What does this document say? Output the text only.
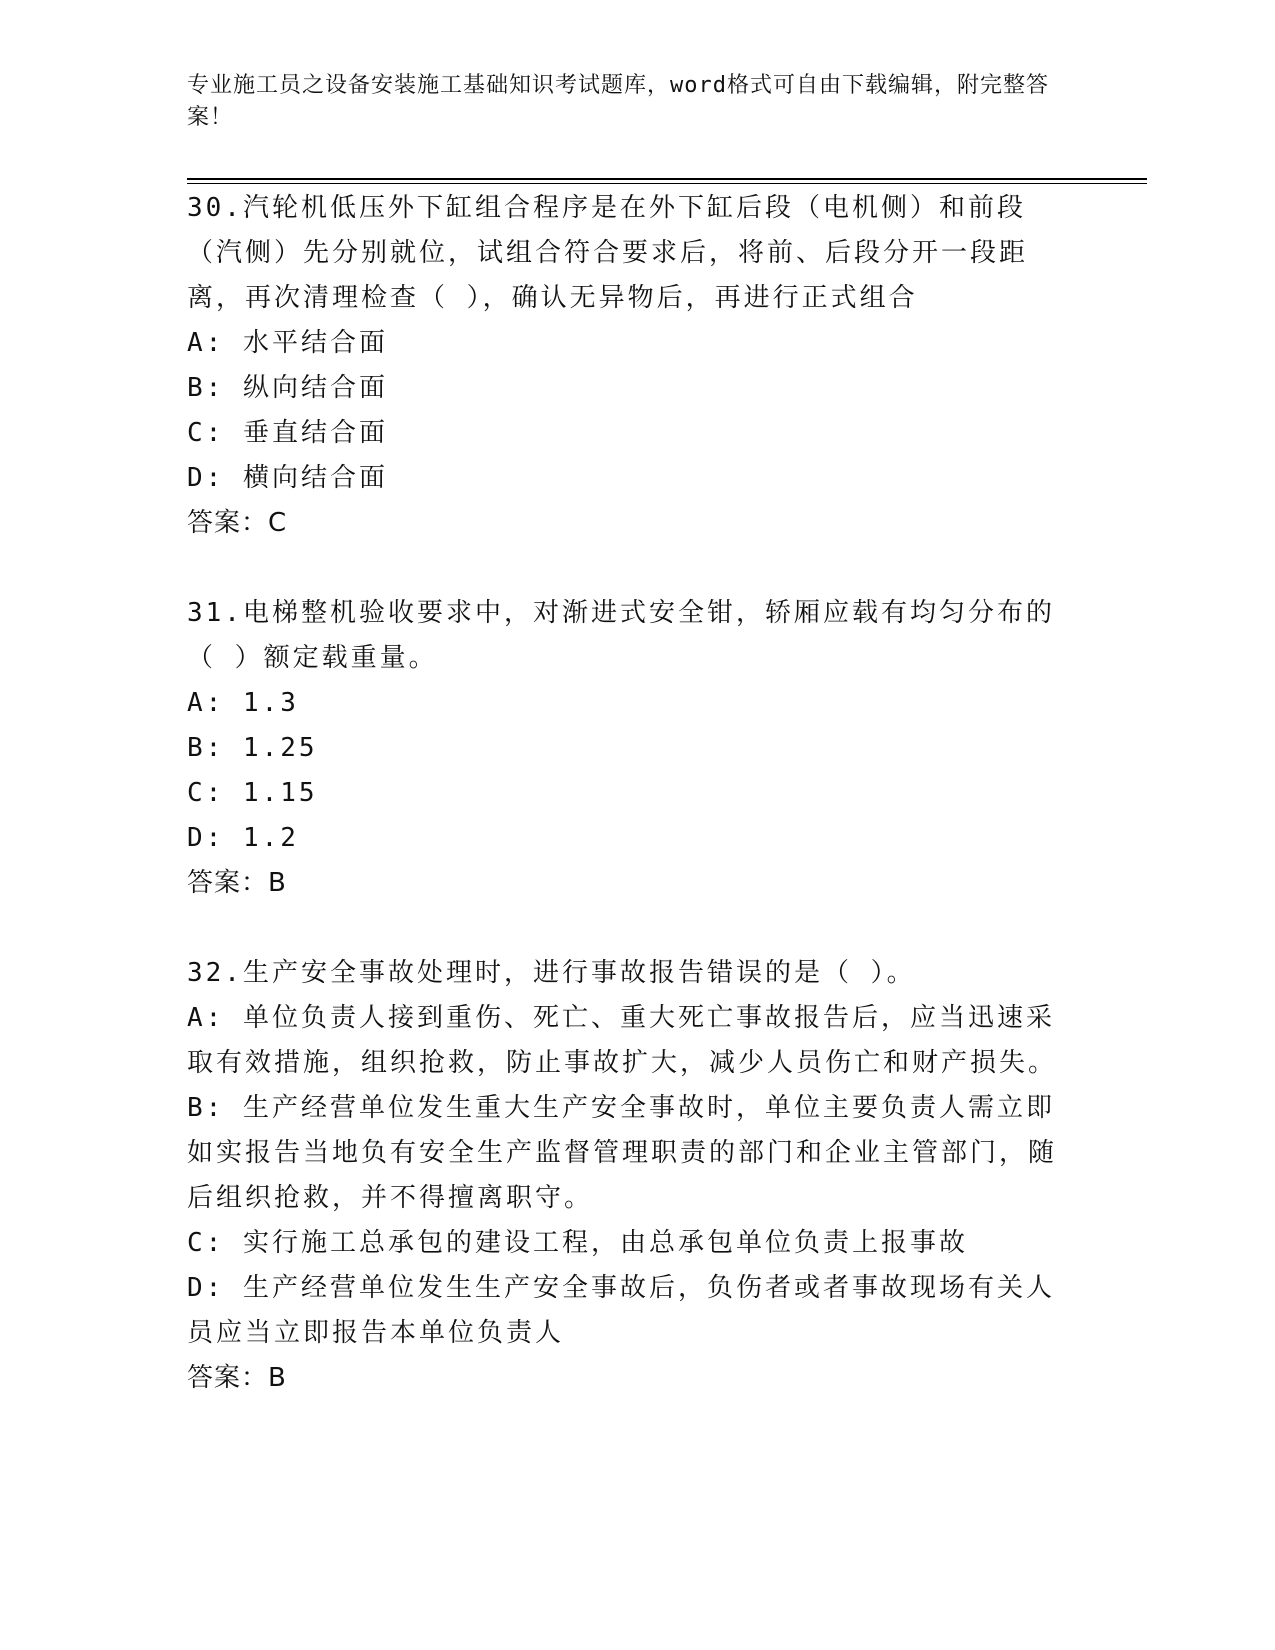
专业施工员之设备安装施工基础知识考试题库，word格式可自由下载编辑，附完整答案！

30.汽轮机低压外下缸组合程序是在外下缸后段（电机侧）和前段（汽侧）先分别就位，试组合符合要求后，将前、后段分开一段距离，再次清理检查（ ），确认无异物后，再进行正式组合

A: 水平结合面

B: 纵向结合面

C: 垂直结合面

D: 横向结合面

答案：C

31.电梯整机验收要求中，对渐进式安全钳，轿厢应载有均匀分布的（ ）额定载重量。

A: 1.3

B: 1.25

C: 1.15

D: 1.2

答案：B

32.生产安全事故处理时，进行事故报告错误的是（ ）。

A: 单位负责人接到重伤、死亡、重大死亡事故报告后，应当迅速采取有效措施，组织抢救，防止事故扩大，减少人员伤亡和财产损失。

B: 生产经营单位发生重大生产安全事故时，单位主要负责人需立即如实报告当地负有安全生产监督管理职责的部门和企业主管部门，随后组织抢救，并不得擅离职守。

C: 实行施工总承包的建设工程，由总承包单位负责上报事故

D: 生产经营单位发生生产安全事故后，负伤者或者事故现场有关人员应当立即报告本单位负责人

答案：B
